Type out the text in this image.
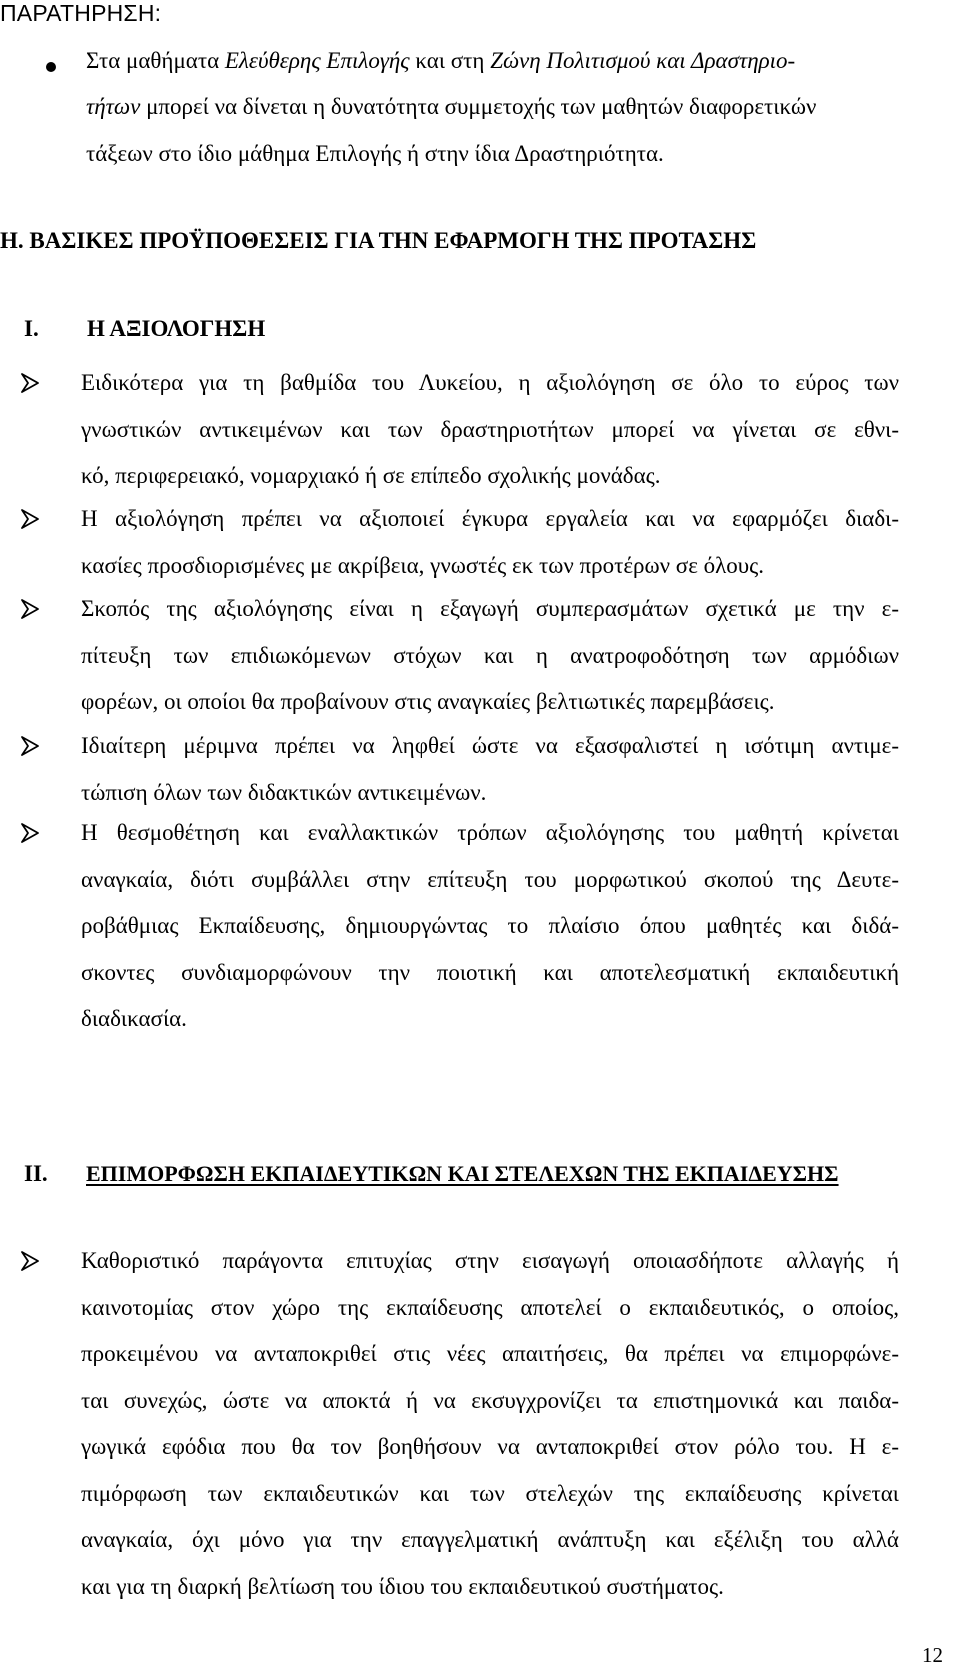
ΠΑΡΑΤΗΡΗΣΗ:
Στα μαθήματα Ελεύθερης Επιλογής και στη Ζώνη Πολιτισμού και Δραστηριο-
τήτων μπορεί να δίνεται η δυνατότητα συμμετοχής των μαθητών διαφορετικών
τάξεων στο ίδιο μάθημα Επιλογής ή στην ίδια Δραστηριότητα.
Η. ΒΑΣΙΚΕΣ ΠΡΟΫΠΟΘΕΣΕΙΣ ΓΙΑ ΤΗΝ ΕΦΑΡΜΟΓΗ ΤΗΣ ΠΡΟΤΑΣΗΣ
I. Η ΑΞΙΟΛΟΓΗΣΗ
Ειδικότερα για τη βαθμίδα του Λυκείου, η αξιολόγηση σε όλο το εύρος των
γνωστικών αντικειμένων και των δραστηριοτήτων μπορεί να γίνεται σε εθνι-
κό, περιφερειακό, νομαρχιακό ή σε επίπεδο σχολικής μονάδας.
Η αξιολόγηση πρέπει να αξιοποιεί έγκυρα εργαλεία και να εφαρμόζει διαδι-
κασίες προσδιορισμένες με ακρίβεια, γνωστές εκ των προτέρων σε όλους.
Σκοπός της αξιολόγησης είναι η εξαγωγή συμπερασμάτων σχετικά με την ε-
πίτευξη των επιδιωκόμενων στόχων και η ανατροφοδότηση των αρμόδιων
φορέων, οι οποίοι θα προβαίνουν στις αναγκαίες βελτιωτικές παρεμβάσεις.
Ιδιαίτερη μέριμνα πρέπει να ληφθεί ώστε να εξασφαλιστεί η ισότιμη αντιμε-
τώπιση όλων των διδακτικών αντικειμένων.
Η θεσμοθέτηση και εναλλακτικών τρόπων αξιολόγησης του μαθητή κρίνεται
αναγκαία, διότι συμβάλλει στην επίτευξη του μορφωτικού σκοπού της Δευτε-
ροβάθμιας Εκπαίδευσης, δημιουργώντας το πλαίσιο όπου μαθητές και διδά-
σκοντες συνδιαμορφώνουν την ποιοτική και αποτελεσματική εκπαιδευτική
διαδικασία.
II. ΕΠΙΜΟΡΦΩΣΗ ΕΚΠΑΙΔΕΥΤΙΚΩΝ ΚΑΙ ΣΤΕΛΕΧΩΝ ΤΗΣ ΕΚΠΑΙΔΕΥΣΗΣ
Καθοριστικό παράγοντα επιτυχίας στην εισαγωγή οποιασδήποτε αλλαγής ή
καινοτομίας στον χώρο της εκπαίδευσης αποτελεί ο εκπαιδευτικός, ο οποίος,
προκειμένου να ανταποκριθεί στις νέες απαιτήσεις, θα πρέπει να επιμορφώνε-
ται συνεχώς, ώστε να αποκτά ή να εκσυγχρονίζει τα επιστημονικά και παιδα-
γωγικά εφόδια που θα τον βοηθήσουν να ανταποκριθεί στον ρόλο του. Η ε-
πιμόρφωση των εκπαιδευτικών και των στελεχών της εκπαίδευσης κρίνεται
αναγκαία, όχι μόνο για την επαγγελματική ανάπτυξη και εξέλιξη του αλλά
και για τη διαρκή βελτίωση του ίδιου του εκπαιδευτικού συστήματος.
12
